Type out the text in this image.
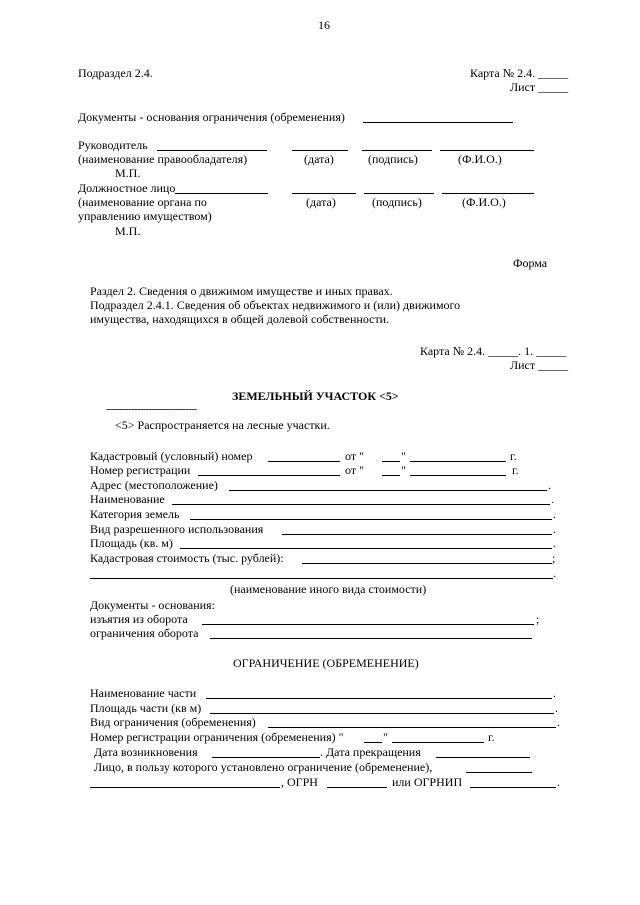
16
Подраздел 2.4.	Карта № 2.4. _____
Лист _____
Документы - основания ограничения (обременения)
Руководитель
(наименование правообладателя)	(дата)	(подпись)	(Ф.И.О.)
М.П.
Должностное лицо
(наименование органа по	(дата)	(подпись)	(Ф.И.О.)
управлению имуществом)
М.П.
Форма
Раздел 2. Сведения о движимом имуществе и иных правах.
Подраздел 2.4.1. Сведения об объектах недвижимого и (или) движимого
имущества, находящихся в общей долевой собственности.
Карта № 2.4. _____. 1. _____
Лист _____
ЗЕМЕЛЬНЫЙ УЧАСТОК <5>
--------------------------------
<5> Распространяется на лесные участки.
Кадастровый (условный) номер	от "	"	г.
Номер регистрации	от "	"	г.
Адрес (местоположение)	.
Наименование	.
Категория земель	.
Вид разрешенного использования	.
Площадь (кв. м)	.
Кадастровая стоимость (тыс. рублей):	;
.
(наименование иного вида стоимости)
Документы - основания:
изъятия из оборота	;
ограничения оборота
ОГРАНИЧЕНИЕ (ОБРЕМЕНЕНИЕ)
Наименование части	.
Площадь части (кв м)	.
Вид ограничения (обременения)	.
Номер регистрации ограничения (обременения) "	"	г.
Дата возникновения	. Дата прекращения
Лицо, в пользу которого установлено ограничение (обременение),
, ОГРН	или ОГРНИП	.
